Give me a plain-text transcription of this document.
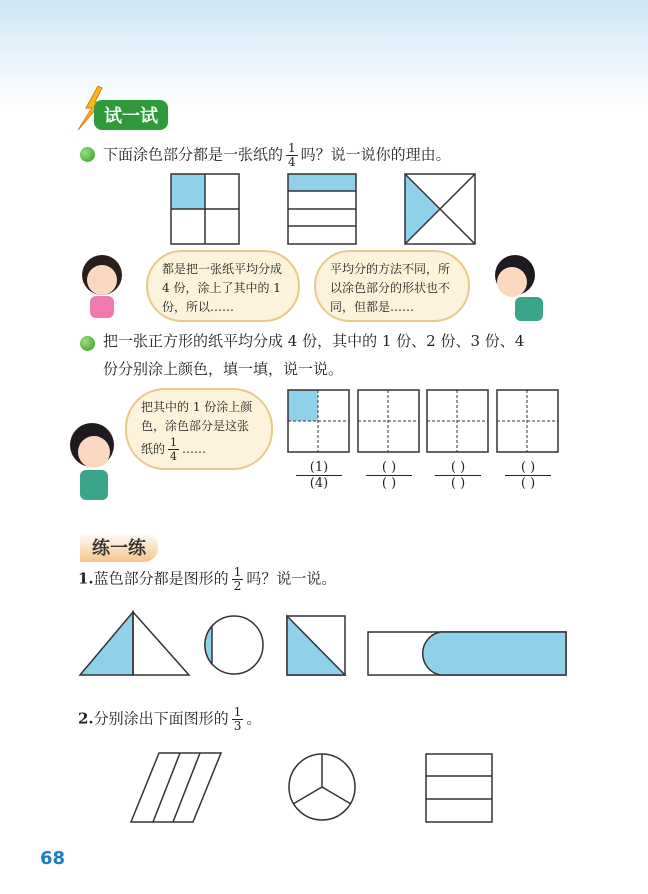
试一试
下面涂色部分都是一张纸的 $\frac{1}{4}$ 吗？说一说你的理由。
都是把一张纸平均分成 4 份，涂上了其中的 1 份，所以……
平均分的方法不同，所以涂色部分的形状也不同，但都是……
把一张正方形的纸平均分成 4 份，其中的 1 份、2 份、3 份、4
份分别涂上颜色，填一填，说一说。
把其中的 1 份涂上颜色，涂色部分是这张纸的 $\frac{1}{4}$ ……
(1)
(4)
( )
( )
( )
( )
( )
( )
练一练
1.蓝色部分都是图形的 $\frac{1}{2}$ 吗？说一说。
2.分别涂出下面图形的 $\frac{1}{3}$ 。
68
